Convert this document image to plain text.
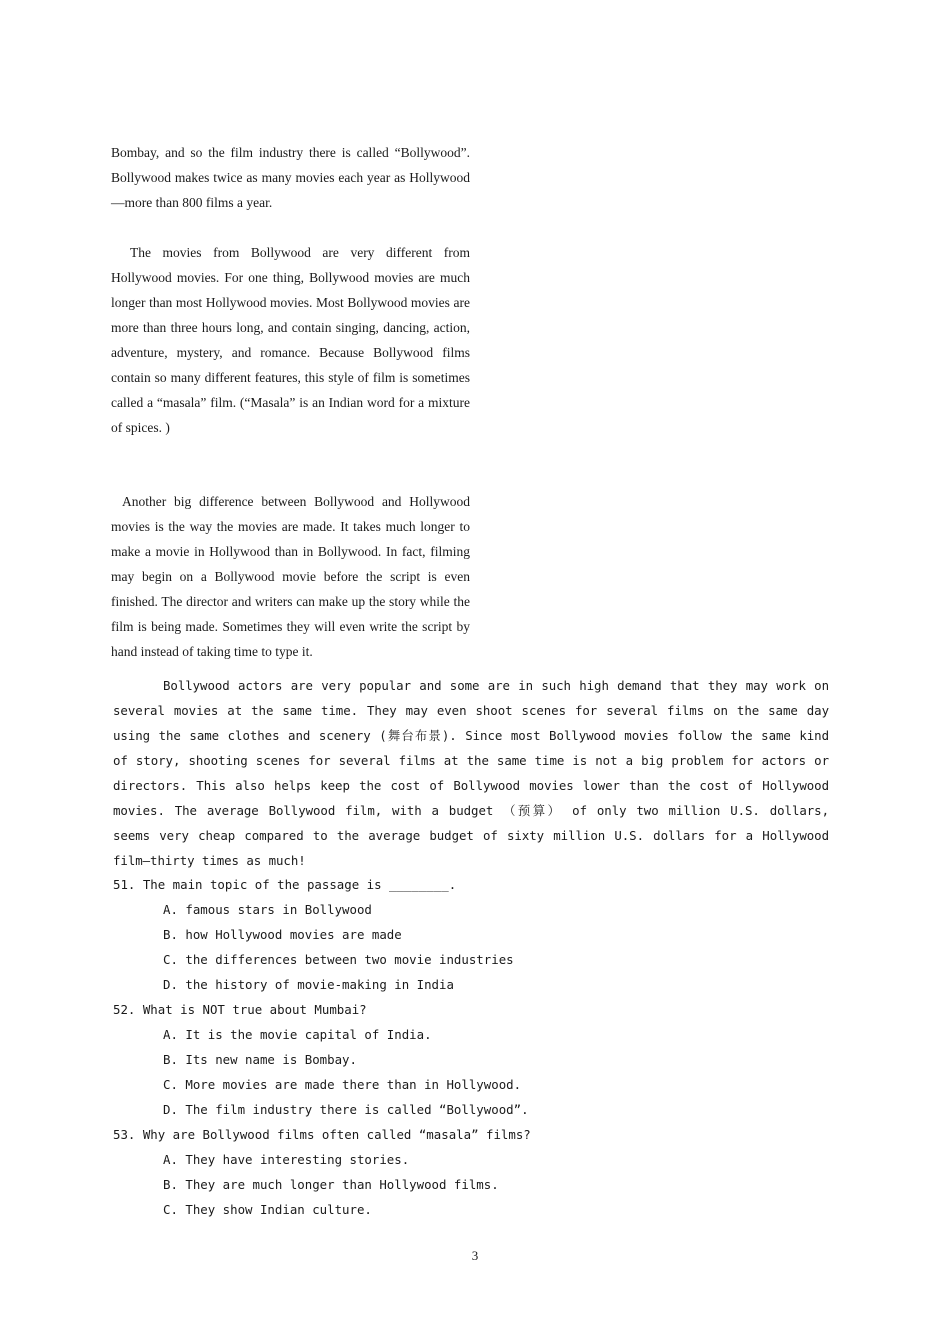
Bombay, and so the film industry there is called “Bollywood”. Bollywood makes twice as many movies each year as Hollywood—more than 800 films a year.

The movies from Bollywood are very different from Hollywood movies. For one thing, Bollywood movies are much longer than most Hollywood movies. Most Bollywood movies are more than three hours long, and contain singing, dancing, action, adventure, mystery, and romance. Because Bollywood films contain so many different features, this style of film is sometimes called a “masala” film. (“Masala” is an Indian word for a mixture of spices. )

Another big difference between Bollywood and Hollywood movies is the way the movies are made. It takes much longer to make a movie in Hollywood than in Bollywood. In fact, filming may begin on a Bollywood movie before the script is even finished. The director and writers can make up the story while the film is being made. Sometimes they will even write the script by hand instead of taking time to type it.

Bollywood actors are very popular and some are in such high demand that they may work on several movies at the same time. They may even shoot scenes for several films on the same day using the same clothes and scenery (舞台布景). Since most Bollywood movies follow the same kind of story, shooting scenes for several films at the same time is not a big problem for actors or directors. This also helps keep the cost of Bollywood movies lower than the cost of Hollywood movies. The average Bollywood film, with a budget （预算） of only two million U.S. dollars, seems very cheap compared to the average budget of sixty million U.S. dollars for a Hollywood film—thirty times as much!

51. The main topic of the passage is ________.

A. famous stars in Bollywood

B. how Hollywood movies are made

C. the differences between two movie industries

D. the history of movie-making in India

52. What is NOT true about Mumbai?

A. It is the movie capital of India.

B. Its new name is Bombay.

C. More movies are made there than in Hollywood.

D. The film industry there is called “Bollywood”.

53. Why are Bollywood films often called “masala” films?

A. They have interesting stories.

B. They are much longer than Hollywood films.

C. They show Indian culture.

3
